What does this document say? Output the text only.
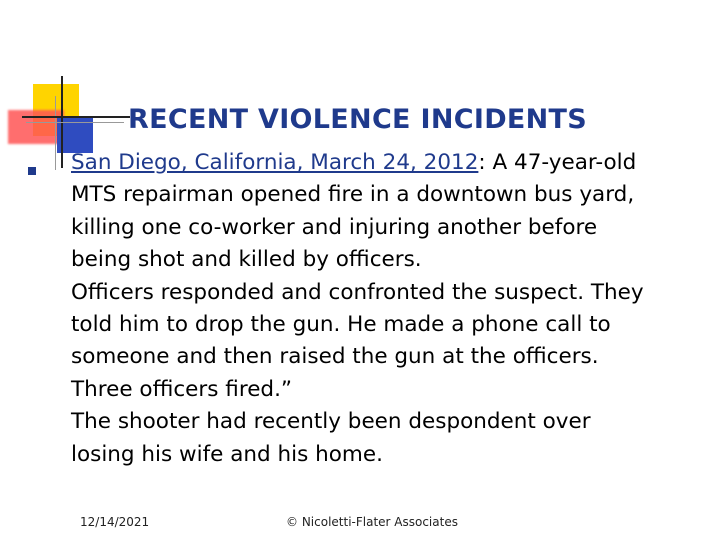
RECENT VIOLENCE INCIDENTS

San Diego, California, March 24, 2012: A 47-year-old

MTS repairman opened fire in a downtown bus yard,

killing one co-worker and injuring another before

being shot and killed by officers.

Officers responded and confronted the suspect. They

told him to drop the gun. He made a phone call to

someone and then raised the gun at the officers.

Three officers fired.”

The shooter had recently been despondent over

losing his wife and his home.

12/14/2021	© Nicoletti-Flater Associates
